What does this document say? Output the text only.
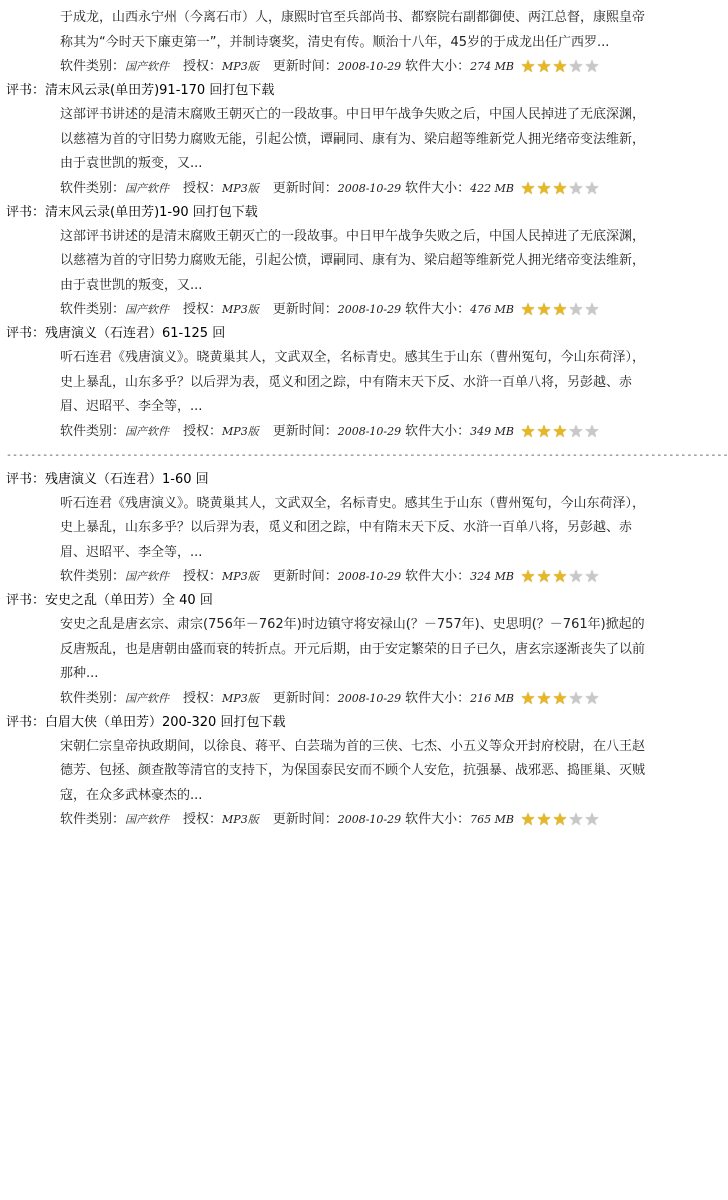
于成龙，山西永宁州（今离石市）人，康熙时官至兵部尚书、都察院右副都御使、两江总督，康熙皇帝称其为“今时天下廉吏第一”，并制诗褒奖，清史有传。顺治十八年，45岁的于成龙出任广西罗...
软件类别：国产软件 授权：MP3版 更新时间：2008-10-29 软件大小：274 MB ★★★★★
评书：清末风云录(单田芳)91-170 回打包下载
这部评书讲述的是清末腐败王朝灭亡的一段故事。中日甲午战争失败之后，中国人民掉进了无底深渊，以慈禧为首的守旧势力腐败无能，引起公愤，谭嗣同、康有为、梁启超等维新党人拥光绪帝变法维新，由于袁世凯的叛变，又...
软件类别：国产软件 授权：MP3版 更新时间：2008-10-29 软件大小：422 MB ★★★★★
评书：清末风云录(单田芳)1-90 回打包下载
这部评书讲述的是清末腐败王朝灭亡的一段故事。中日甲午战争失败之后，中国人民掉进了无底深渊，以慈禧为首的守旧势力腐败无能，引起公愤，谭嗣同、康有为、梁启超等维新党人拥光绪帝变法维新，由于袁世凯的叛变，又...
软件类别：国产软件 授权：MP3版 更新时间：2008-10-29 软件大小：476 MB ★★★★★
评书：残唐演义（石连君）61-125 回
听石连君《残唐演义》。晓黄巢其人，文武双全，名标青史。感其生于山东（曹州冤句，今山东荷泽），史上暴乱，山东多乎？以后羿为表，觅义和团之踪，中有隋末天下反、水浒一百单八将，另彭越、赤眉、迟昭平、李全等，...
软件类别：国产软件 授权：MP3版 更新时间：2008-10-29 软件大小：349 MB ★★★★★
------------------------------------------------------------------------------------------------------------------------
评书：残唐演义（石连君）1-60 回
听石连君《残唐演义》。晓黄巢其人，文武双全，名标青史。感其生于山东（曹州冤句，今山东荷泽），史上暴乱，山东多乎？以后羿为表，觅义和团之踪，中有隋末天下反、水浒一百单八将，另彭越、赤眉、迟昭平、李全等，...
软件类别：国产软件 授权：MP3版 更新时间：2008-10-29 软件大小：324 MB ★★★★★
评书：安史之乱（单田芳）全 40 回
安史之乱是唐玄宗、肃宗(756年－762年)时边镇守将安禄山(？－757年)、史思明(？－761年)掀起的反唐叛乱，也是唐朝由盛而衰的转折点。开元后期，由于安定繁荣的日子已久，唐玄宗逐渐丧失了以前那种...
软件类别：国产软件 授权：MP3版 更新时间：2008-10-29 软件大小：216 MB ★★★★★
评书：白眉大侠（单田芳）200-320 回打包下载
宋朝仁宗皇帝执政期间，以徐良、蒋平、白芸瑞为首的三侠、七杰、小五义等众开封府校尉，在八王赵德芳、包拯、颜查散等清官的支持下，为保国泰民安而不顾个人安危，抗强暴、战邪恶、捣匪巢、灭贼寇，在众多武林豪杰的...
软件类别：国产软件 授权：MP3版 更新时间：2008-10-29 软件大小：765 MB ★★★★★
